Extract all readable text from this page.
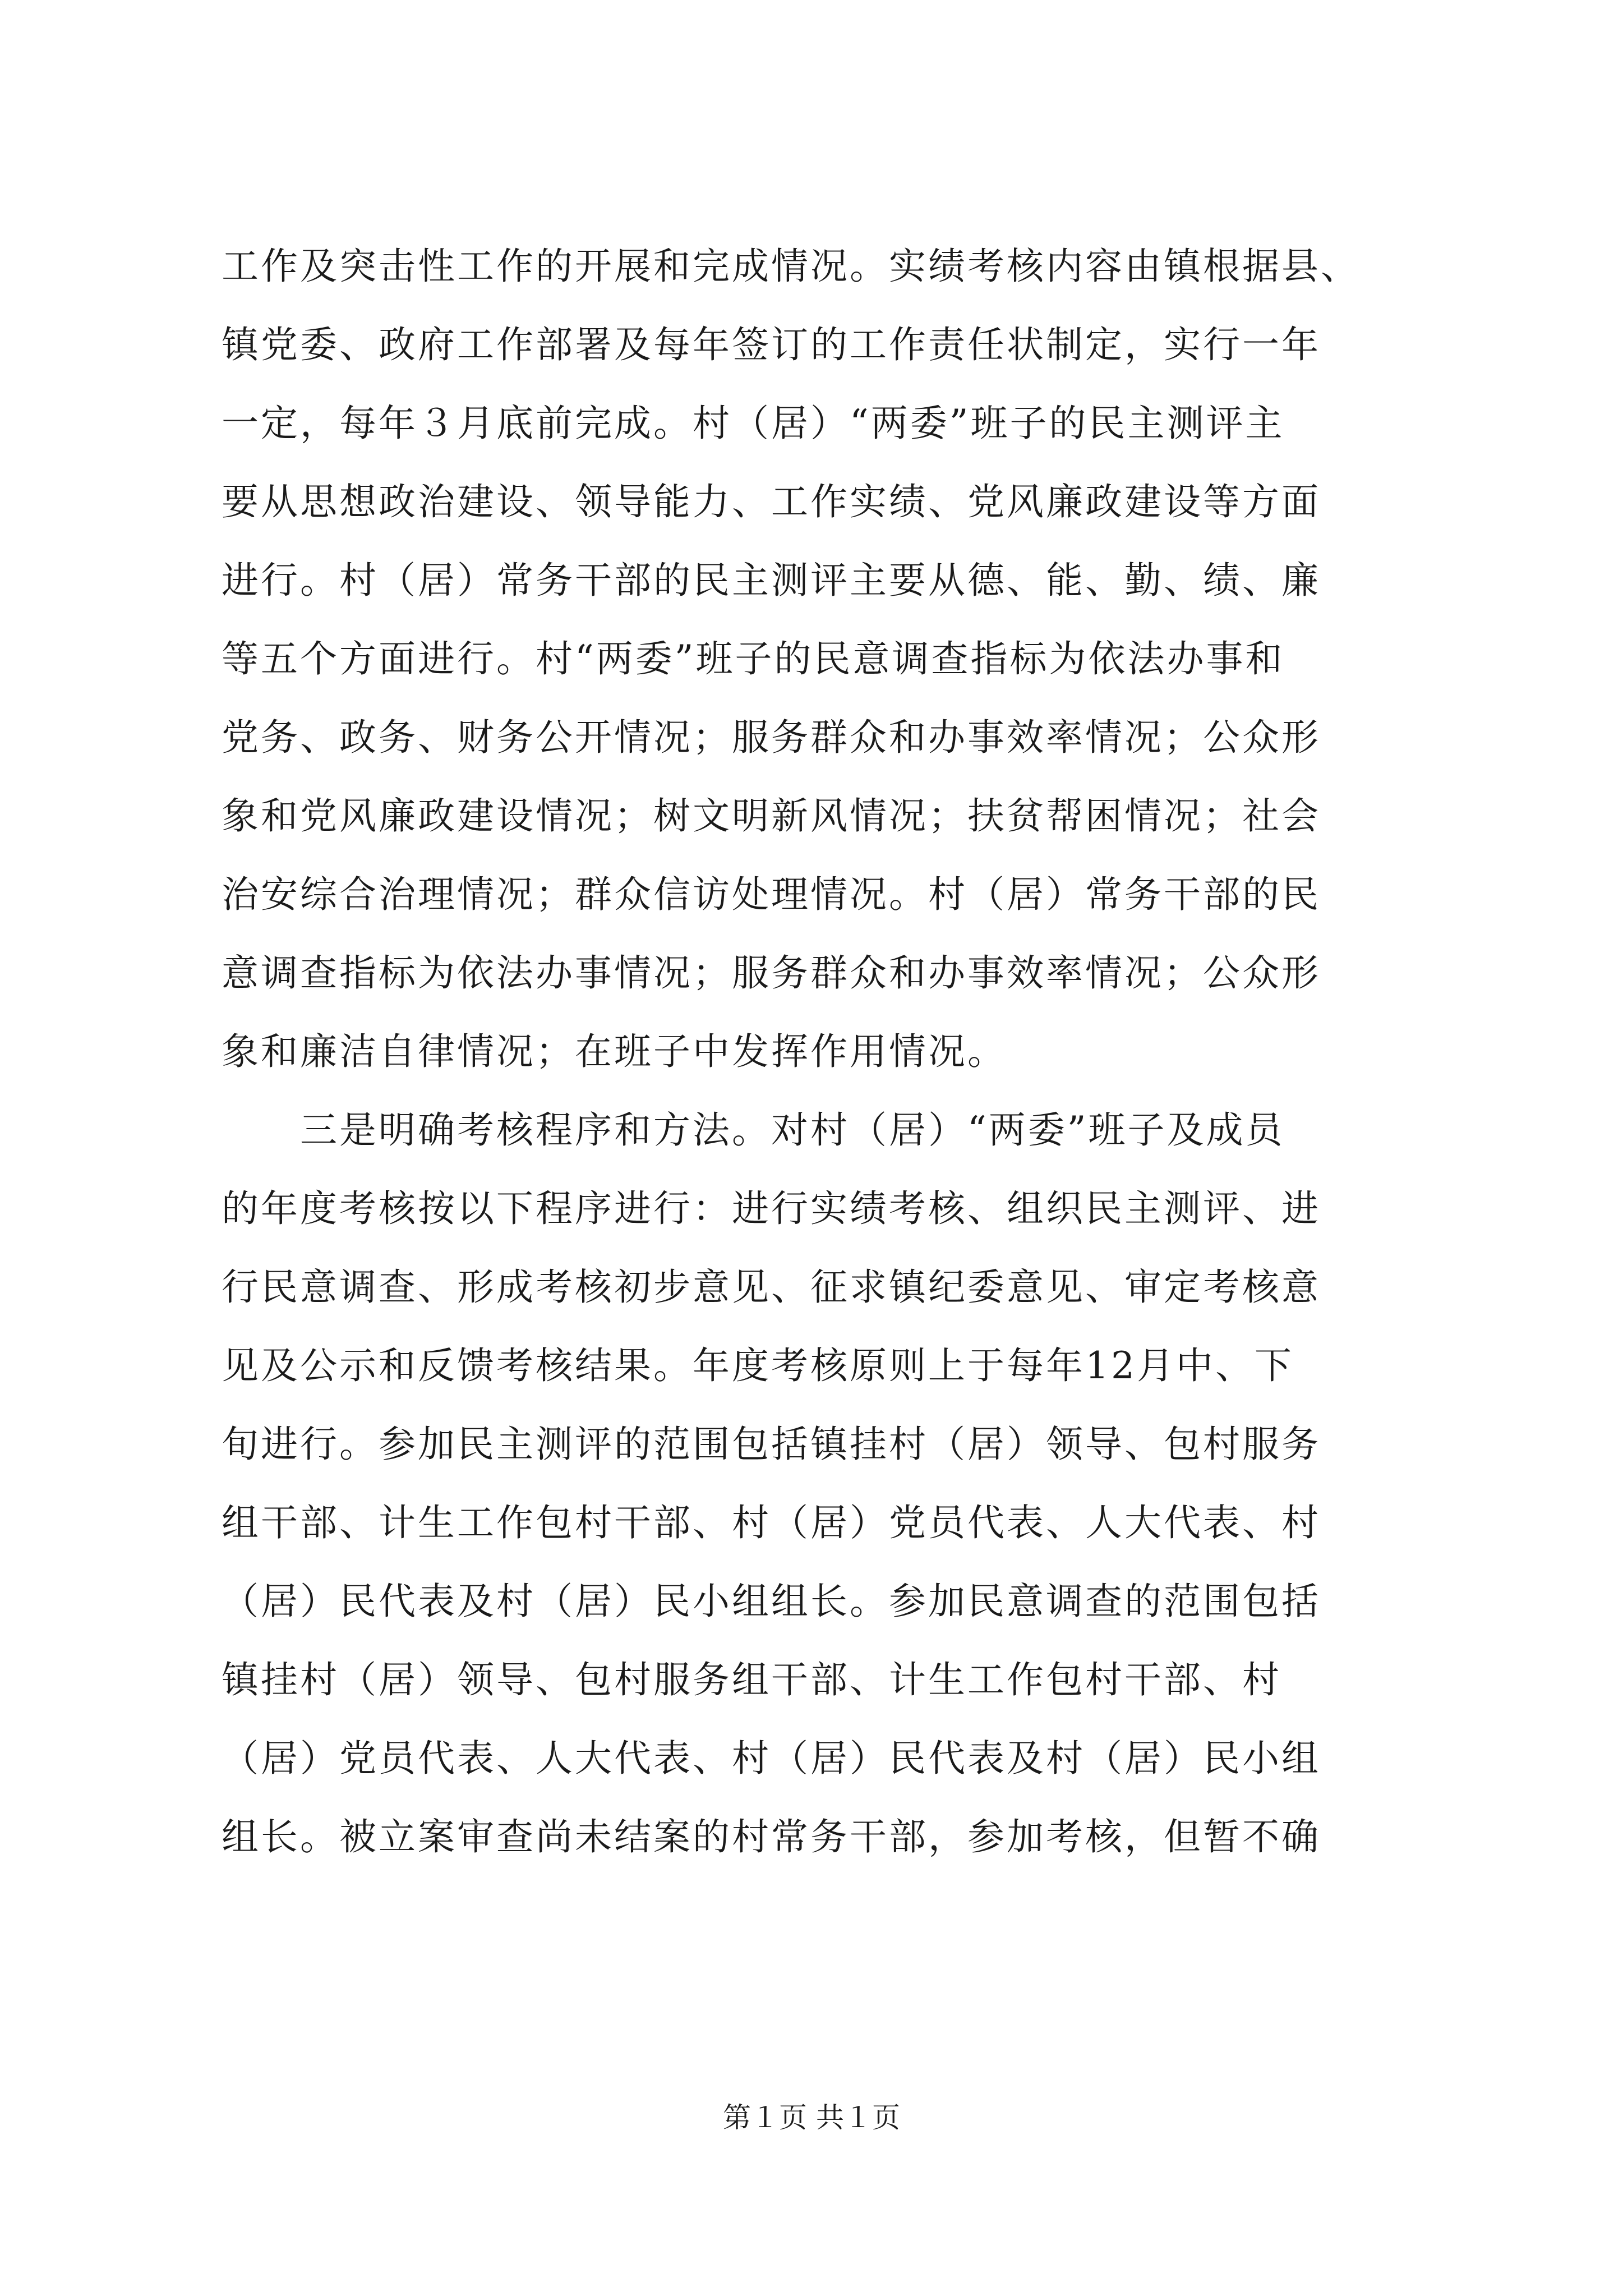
工作及突击性工作的开展和完成情况。实绩考核内容由镇根据县、
镇党委、政府工作部署及每年签订的工作责任状制定，实行一年
一定，每年３月底前完成。村（居）“两委”班子的民主测评主
要从思想政治建设、领导能力、工作实绩、党风廉政建设等方面
进行。村（居）常务干部的民主测评主要从德、能、勤、绩、廉
等五个方面进行。村“两委”班子的民意调查指标为依法办事和
党务、政务、财务公开情况；服务群众和办事效率情况；公众形
象和党风廉政建设情况；树文明新风情况；扶贫帮困情况；社会
治安综合治理情况；群众信访处理情况。村（居）常务干部的民
意调查指标为依法办事情况；服务群众和办事效率情况；公众形
象和廉洁自律情况；在班子中发挥作用情况。
　　三是明确考核程序和方法。对村（居）“两委”班子及成员
的年度考核按以下程序进行：进行实绩考核、组织民主测评、进
行民意调查、形成考核初步意见、征求镇纪委意见、审定考核意
见及公示和反馈考核结果。年度考核原则上于每年12月中、下
旬进行。参加民主测评的范围包括镇挂村（居）领导、包村服务
组干部、计生工作包村干部、村（居）党员代表、人大代表、村
（居）民代表及村（居）民小组组长。参加民意调查的范围包括
镇挂村（居）领导、包村服务组干部、计生工作包村干部、村
（居）党员代表、人大代表、村（居）民代表及村（居）民小组
组长。被立案审查尚未结案的村常务干部，参加考核，但暂不确
第１页 共１页
